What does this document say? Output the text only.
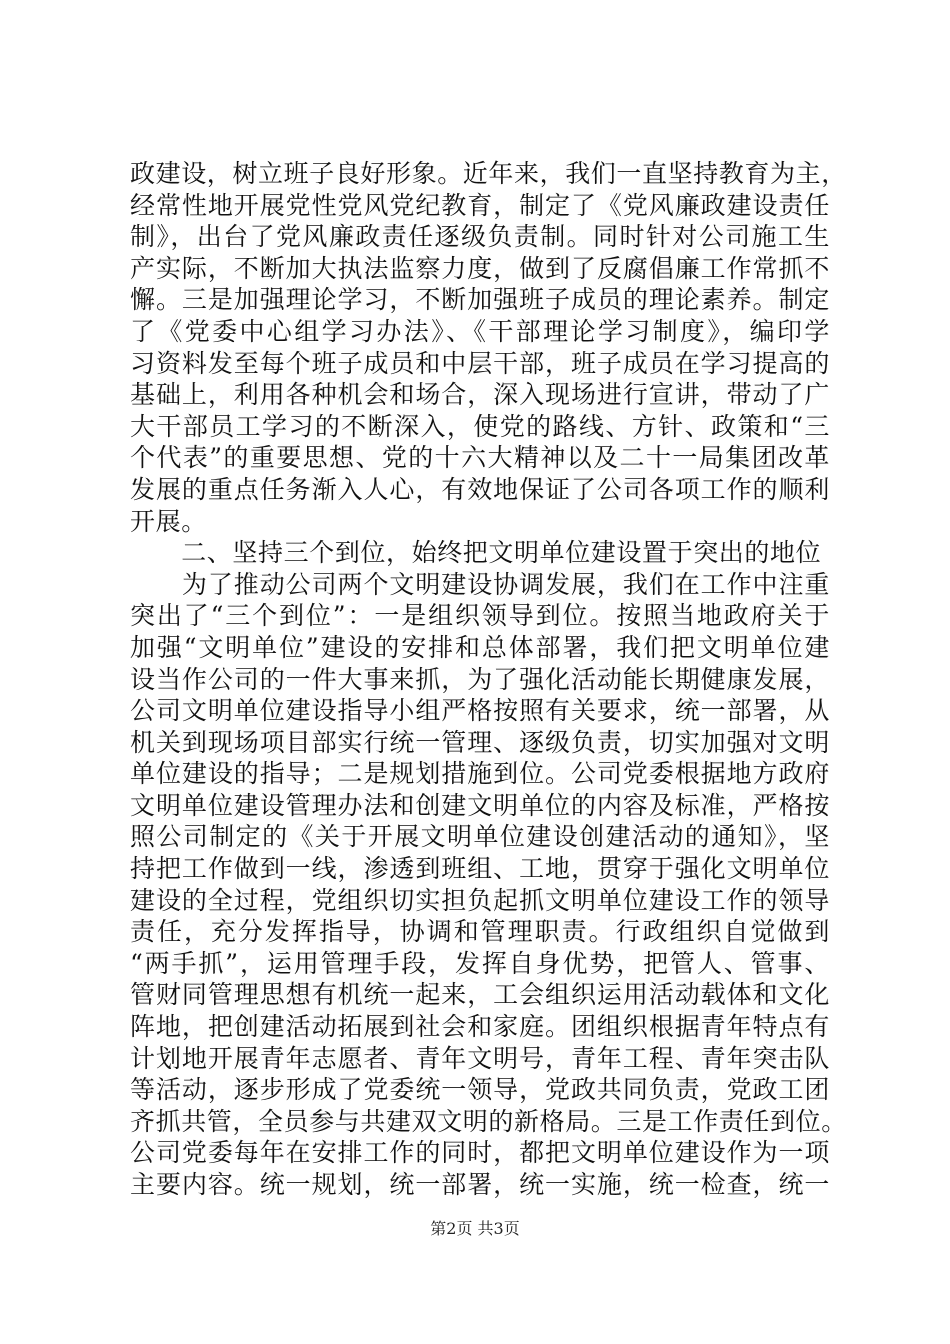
政建设，树立班子良好形象。近年来，我们一直坚持教育为主，
经常性地开展党性党风党纪教育，制定了《党风廉政建设责任
制》，出台了党风廉政责任逐级负责制。同时针对公司施工生
产实际，不断加大执法监察力度，做到了反腐倡廉工作常抓不
懈。三是加强理论学习，不断加强班子成员的理论素养。制定
了《党委中心组学习办法》、《干部理论学习制度》，编印学
习资料发至每个班子成员和中层干部，班子成员在学习提高的
基础上，利用各种机会和场合，深入现场进行宣讲，带动了广
大干部员工学习的不断深入，使党的路线、方针、政策和“三
个代表”的重要思想、党的十六大精神以及二十一局集团改革
发展的重点任务渐入人心，有效地保证了公司各项工作的顺利
开展。
　　二、坚持三个到位，始终把文明单位建设置于突出的地位
　　为了推动公司两个文明建设协调发展，我们在工作中注重
突出了“三个到位”：一是组织领导到位。按照当地政府关于
加强“文明单位”建设的安排和总体部署，我们把文明单位建
设当作公司的一件大事来抓，为了强化活动能长期健康发展，
公司文明单位建设指导小组严格按照有关要求，统一部署，从
机关到现场项目部实行统一管理、逐级负责，切实加强对文明
单位建设的指导；二是规划措施到位。公司党委根据地方政府
文明单位建设管理办法和创建文明单位的内容及标准，严格按
照公司制定的《关于开展文明单位建设创建活动的通知》，坚
持把工作做到一线，渗透到班组、工地，贯穿于强化文明单位
建设的全过程，党组织切实担负起抓文明单位建设工作的领导
责任，充分发挥指导，协调和管理职责。行政组织自觉做到
“两手抓”，运用管理手段，发挥自身优势，把管人、管事、
管财同管理思想有机统一起来，工会组织运用活动载体和文化
阵地，把创建活动拓展到社会和家庭。团组织根据青年特点有
计划地开展青年志愿者、青年文明号，青年工程、青年突击队
等活动，逐步形成了党委统一领导，党政共同负责，党政工团
齐抓共管，全员参与共建双文明的新格局。三是工作责任到位。
公司党委每年在安排工作的同时，都把文明单位建设作为一项
主要内容。统一规划，统一部署，统一实施，统一检查，统一
第2页 共3页
